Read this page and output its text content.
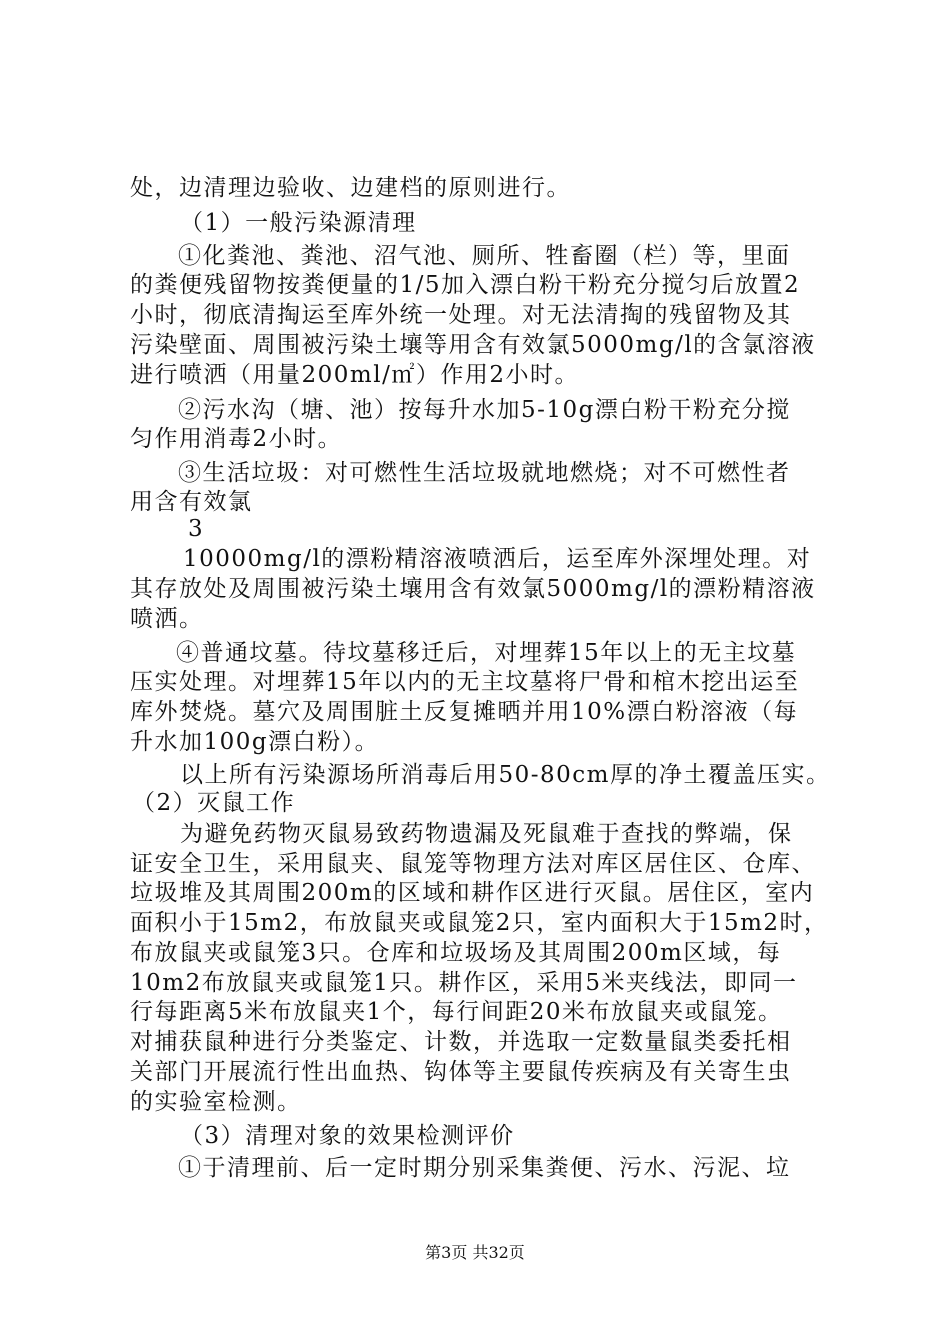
处，边清理边验收、边建档的原则进行。
（1）一般污染源清理
①化粪池、粪池、沼气池、厕所、牲畜圈（栏）等，里面
的粪便残留物按粪便量的1/5加入漂白粉干粉充分搅匀后放置2
小时，彻底清掏运至库外统一处理。对无法清掏的残留物及其
污染壁面、周围被污染土壤等用含有效氯5000mg/l的含氯溶液
进行喷洒（用量200ml/㎡）作用2小时。
②污水沟（塘、池）按每升水加5-10g漂白粉干粉充分搅
匀作用消毒2小时。
③生活垃圾：对可燃性生活垃圾就地燃烧；对不可燃性者
用含有效氯
3
10000mg/l的漂粉精溶液喷洒后，运至库外深埋处理。对
其存放处及周围被污染土壤用含有效氯5000mg/l的漂粉精溶液
喷洒。
④普通坟墓。待坟墓移迁后，对埋葬15年以上的无主坟墓
压实处理。对埋葬15年以内的无主坟墓将尸骨和棺木挖出运至
库外焚烧。墓穴及周围脏土反复摊晒并用10%漂白粉溶液（每
升水加100g漂白粉）。
以上所有污染源场所消毒后用50-80cm厚的净土覆盖压实。
（2）灭鼠工作
为避免药物灭鼠易致药物遗漏及死鼠难于查找的弊端，保
证安全卫生，采用鼠夹、鼠笼等物理方法对库区居住区、仓库、
垃圾堆及其周围200m的区域和耕作区进行灭鼠。居住区，室内
面积小于15m2，布放鼠夹或鼠笼2只，室内面积大于15m2时，
布放鼠夹或鼠笼3只。仓库和垃圾场及其周围200m区域，每
10m2布放鼠夹或鼠笼1只。耕作区，采用5米夹线法，即同一
行每距离5米布放鼠夹1个，每行间距20米布放鼠夹或鼠笼。
对捕获鼠种进行分类鉴定、计数，并选取一定数量鼠类委托相
关部门开展流行性出血热、钩体等主要鼠传疾病及有关寄生虫
的实验室检测。
（3）清理对象的效果检测评价
①于清理前、后一定时期分别采集粪便、污水、污泥、垃
第3页 共32页
